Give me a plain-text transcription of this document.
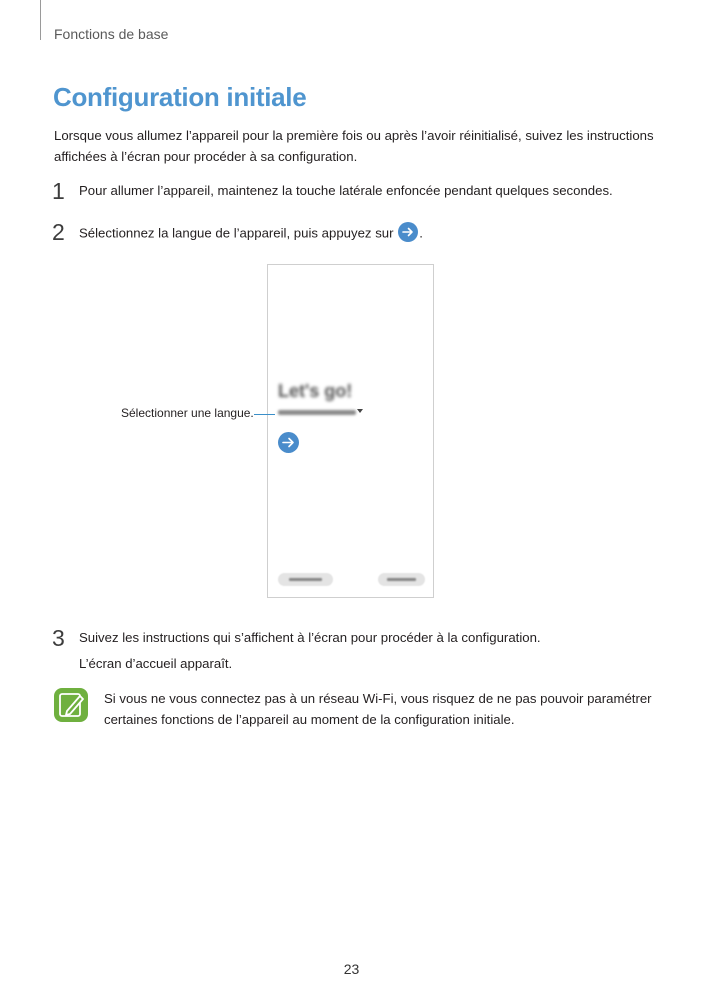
Fonctions de base
Configuration initiale

Lorsque vous allumez l’appareil pour la première fois ou après l’avoir réinitialisé, suivez les instructions affichées à l’écran pour procéder à sa configuration.

1 Pour allumer l’appareil, maintenez la touche latérale enfoncée pendant quelques secondes.
2 Sélectionnez la langue de l’appareil, puis appuyez sur .
Let's go!
Sélectionner une langue.
3 Suivez les instructions qui s’affichent à l’écran pour procéder à la configuration.
L’écran d’accueil apparaît.

Si vous ne vous connectez pas à un réseau Wi-Fi, vous risquez de ne pas pouvoir paramétrer certaines fonctions de l’appareil au moment de la configuration initiale.

23
